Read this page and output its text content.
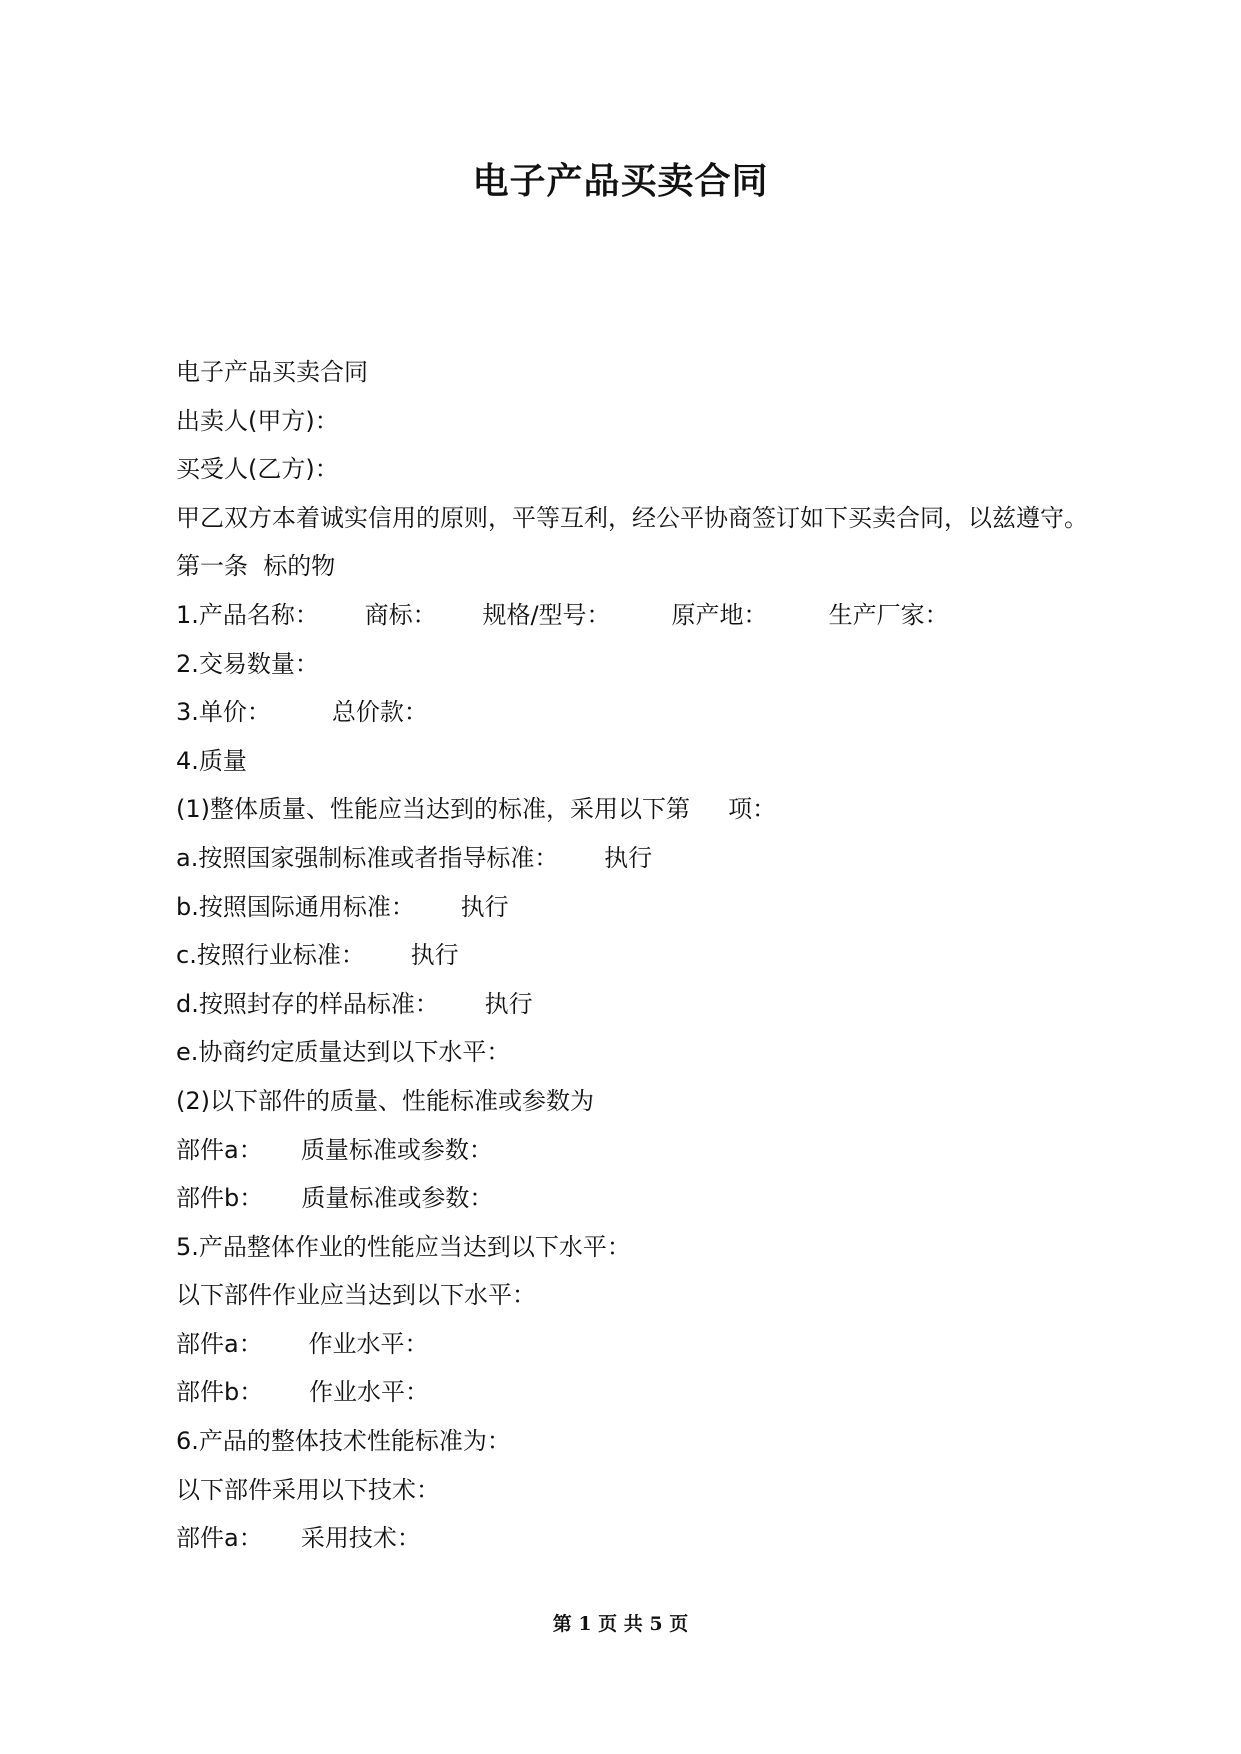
电子产品买卖合同
电子产品买卖合同
出卖人(甲方)：
买受人(乙方)：
甲乙双方本着诚实信用的原则，平等互利，经公平协商签订如下买卖合同，以兹遵守。
第一条  标的物
1.产品名称：      商标：      规格/型号：        原产地：        生产厂家：
2.交易数量：
3.单价：        总价款：
4.质量
(1)整体质量、性能应当达到的标准，采用以下第     项：
a.按照国家强制标准或者指导标准：      执行
b.按照国际通用标准：      执行
c.按照行业标准：      执行
d.按照封存的样品标准：      执行
e.协商约定质量达到以下水平：
(2)以下部件的质量、性能标准或参数为
部件a：     质量标准或参数：
部件b：     质量标准或参数：
5.产品整体作业的性能应当达到以下水平：
以下部件作业应当达到以下水平：
部件a：      作业水平：
部件b：      作业水平：
6.产品的整体技术性能标准为：
以下部件采用以下技术：
部件a：     采用技术：
第 1 页 共 5 页
